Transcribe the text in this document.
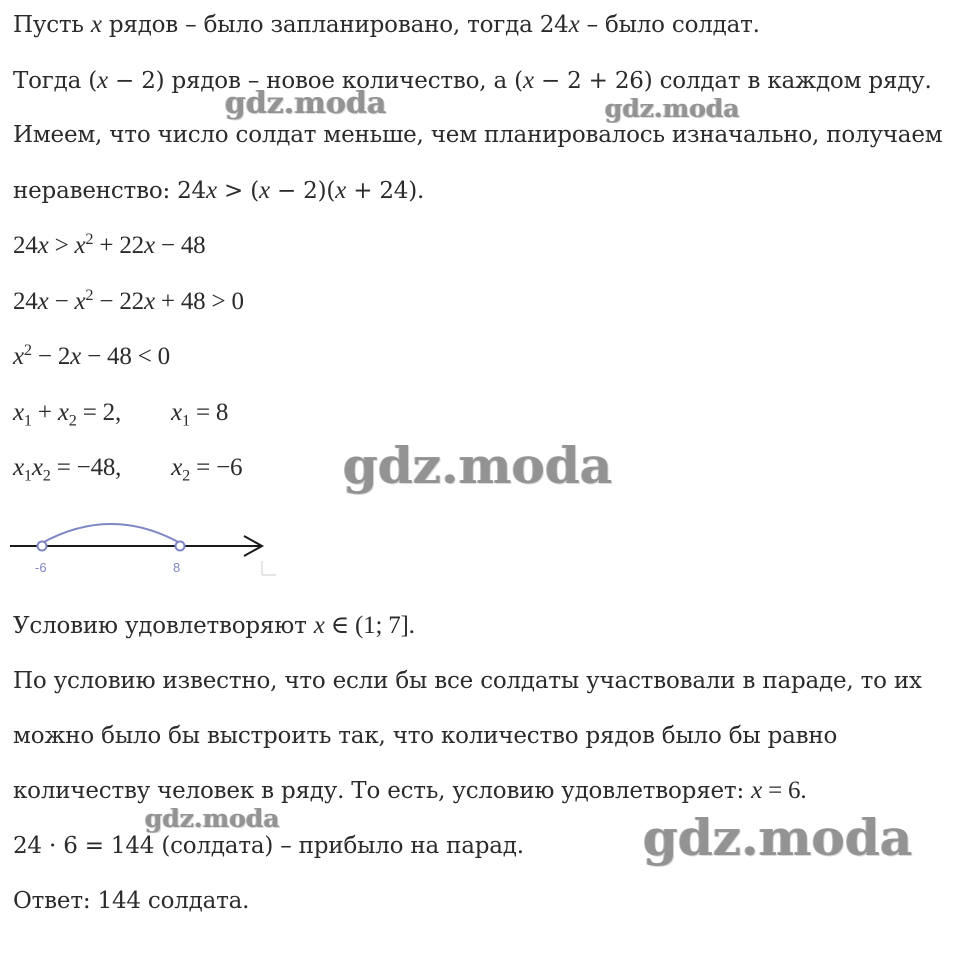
Пусть x рядов – было запланировано, тогда 24x – было солдат.
Тогда (x − 2) рядов – новое количество, а (x − 2 + 26) солдат в каждом ряду.
Имеем, что число солдат меньше, чем планировалось изначально, получаем
неравенство: 24x > (x − 2)(x + 24).
$24x > x^2 + 22x - 48$
$24x - x^2 - 22x + 48 > 0$
$x^2 - 2x - 48 < 0$
$x_1 + x_2 = 2$, $x_1 = 8$
$x_1x_2 = -48$, $x_2 = -6$
-6	8
Условию удовлетворяют x ∈ (1; 7].
По условию известно, что если бы все солдаты участвовали в параде, то их
можно было бы выстроить так, что количество рядов было бы равно
количеству человек в ряду. То есть, условию удовлетворяет: x = 6.
24 · 6 = 144 (солдата) – прибыло на парад.
Ответ: 144 солдата.
gdz.moda	gdz.moda
gdz.moda
gdz.moda	gdz.moda
